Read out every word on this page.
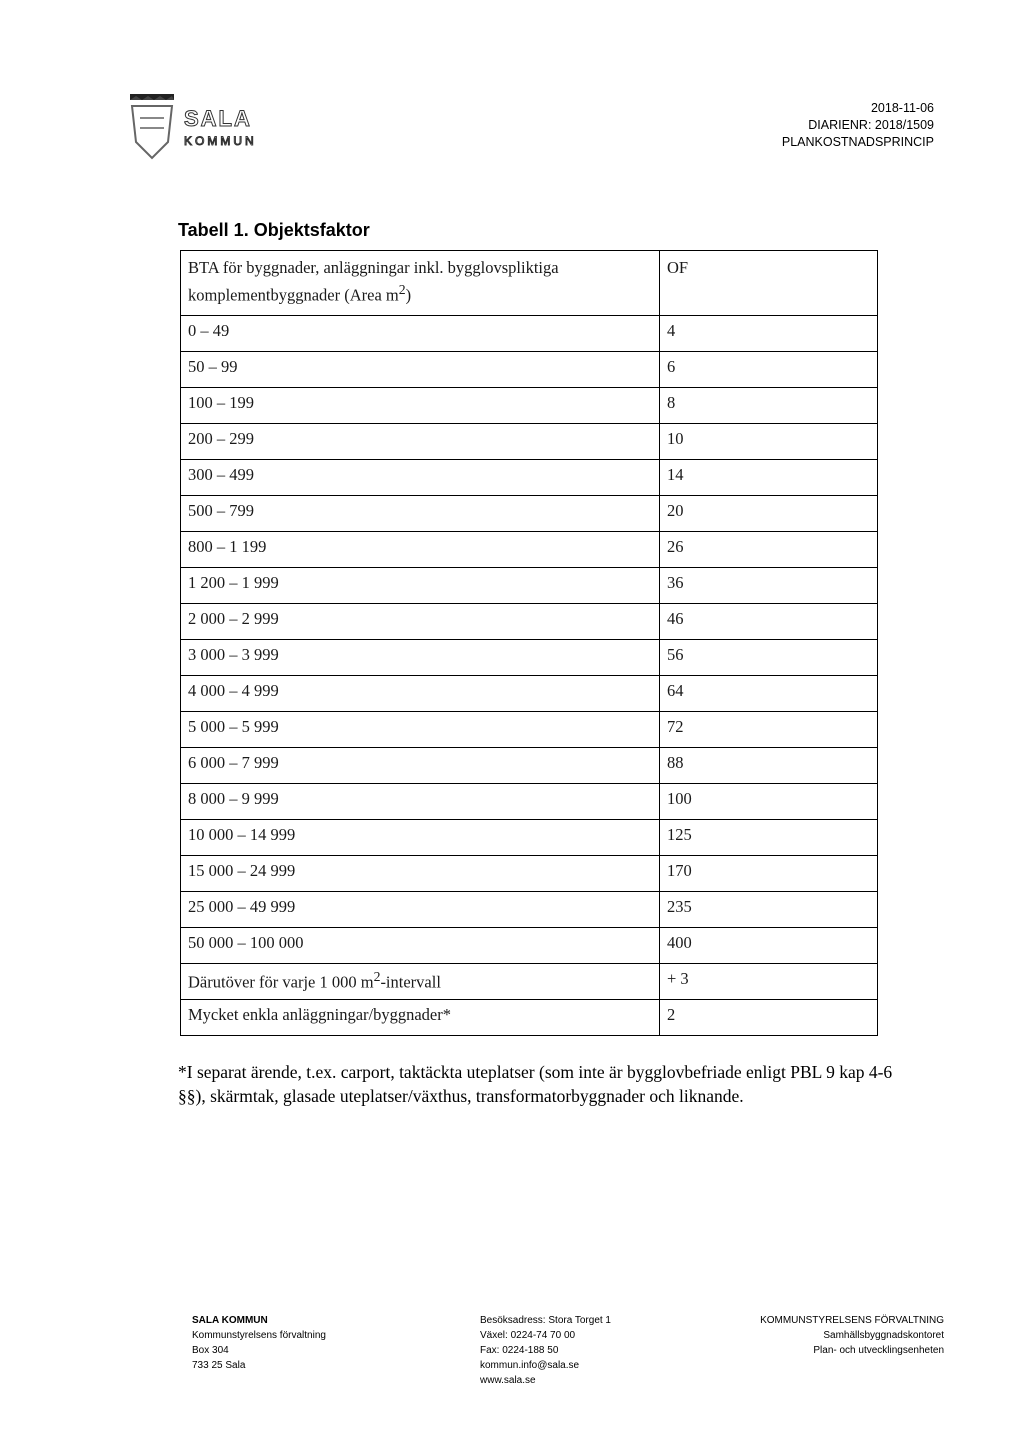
SALA
KOMMUN
2018-11-06
DIARIENR: 2018/1509
PLANKOSTNADSPRINCIP
Tabell 1. Objektsfaktor
BTA för byggnader, anläggningar inkl. bygglovspliktiga
komplementbyggnader (Area $m^2$)	OF
0 – 49	4
50 – 99	6
100 – 199	8
200 – 299	10
300 – 499	14
500 – 799	20
800 – 1 199	26
1 200 – 1 999	36
2 000 – 2 999	46
3 000 – 3 999	56
4 000 – 4 999	64
5 000 – 5 999	72
6 000 – 7 999	88
8 000 – 9 999	100
10 000 – 14 999	125
15 000 – 24 999	170
25 000 – 49 999	235
50 000 – 100 000	400
Därutöver för varje 1 000 $m^2$-intervall	+ 3
Mycket enkla anläggningar/byggnader*	2
*I separat ärende, t.ex. carport, taktäckta uteplatser (som inte är bygglovbefriade enligt PBL 9 kap 4-6 §§), skärmtak, glasade uteplatser/växthus, transformatorbyggnader och liknande.
SALA KOMMUN
Kommunstyrelsens förvaltning
Box 304
733 25 Sala
Besöksadress: Stora Torget 1
Växel: 0224-74 70 00
Fax: 0224-188 50
kommun.info@sala.se
www.sala.se
KOMMUNSTYRELSENS FÖRVALTNING
Samhällsbyggnadskontoret
Plan- och utvecklingsenheten
